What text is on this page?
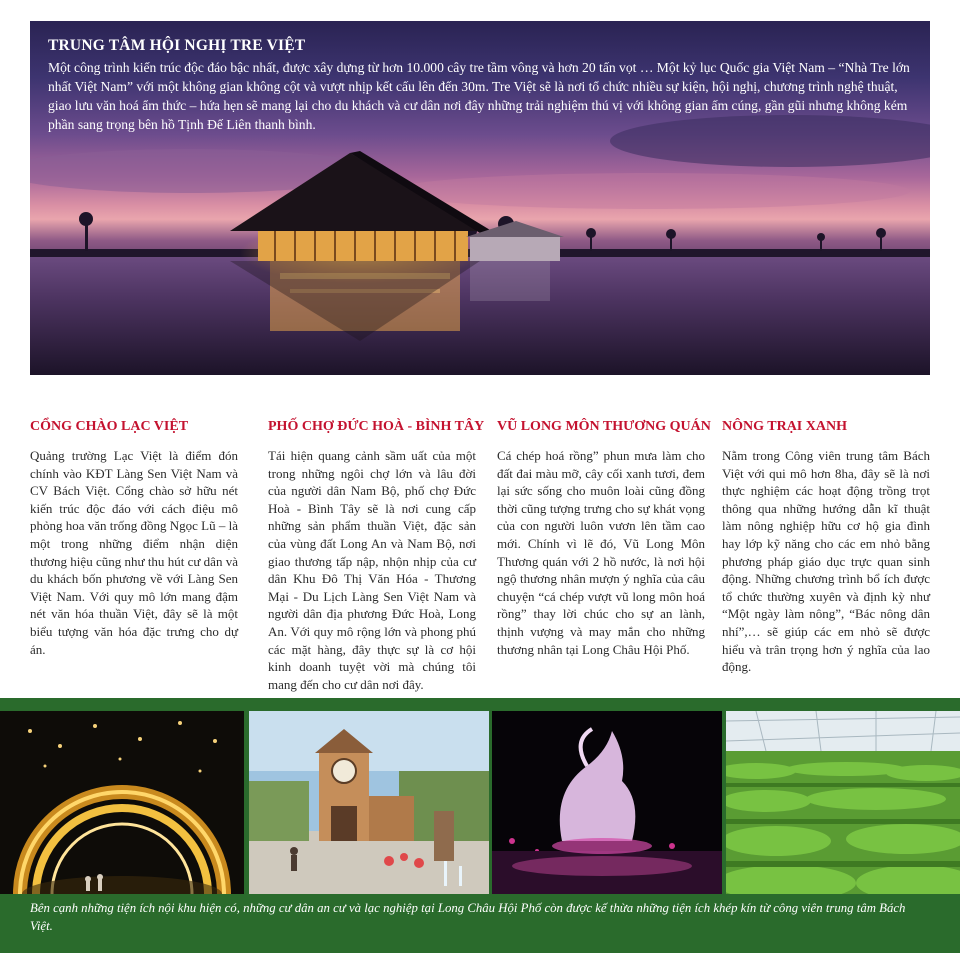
TRUNG TÂM HỘI NGHỊ TRE VIỆT
Một công trình kiến trúc độc đáo bậc nhất, được xây dựng từ hơn 10.000 cây tre tầm vông và hơn 20 tấn vọt … Một kỷ lục Quốc gia Việt Nam – “Nhà Tre lớn nhất Việt Nam” với một không gian không cột và vượt nhịp kết cấu lên đến 30m. Tre Việt sẽ là nơi tổ chức nhiều sự kiện, hội nghị, chương trình nghệ thuật, giao lưu văn hoá ẩm thức – hứa hẹn sẽ mang lại cho du khách và cư dân nơi đây những trải nghiệm thú vị với không gian ấm cúng, gần gũi nhưng không kém phần sang trọng bên hồ Tịnh Đế Liên thanh bình.
CỔNG CHÀO LẠC VIỆT
Quảng trường Lạc Việt là điểm đón chính vào KĐT Làng Sen Việt Nam và CV Bách Việt. Cổng chào sở hữu nét kiến trúc độc đáo với cách điệu mô phỏng hoa văn trống đồng Ngọc Lũ – là một trong những điểm nhận diện thương hiệu cũng như thu hút cư dân và du khách bốn phương về với Làng Sen Việt Nam. Với quy mô lớn mang đậm nét văn hóa thuần Việt, đây sẽ là một biểu tượng văn hóa đặc trưng cho dự án.
PHỐ CHỢ ĐỨC HOÀ - BÌNH TÂY
Tái hiện quang cảnh sầm uất của một trong những ngôi chợ lớn và lâu đời của người dân Nam Bộ, phố chợ Đức Hoà - Bình Tây sẽ là nơi cung cấp những sản phẩm thuần Việt, đặc sản của vùng đất Long An và Nam Bộ, nơi giao thương tấp nập, nhộn nhịp của cư dân Khu Đô Thị Văn Hóa - Thương Mại - Du Lịch Làng Sen Việt Nam và người dân địa phương Đức Hoà, Long An. Với quy mô rộng lớn và phong phú các mặt hàng, đây thực sự là cơ hội kinh doanh tuyệt vời mà chúng tôi mang đến cho cư dân nơi đây.
VŨ LONG MÔN THƯƠNG QUÁN
Cá chép hoá rồng” phun mưa làm cho đất đai màu mỡ, cây cối xanh tươi, đem lại sức sống cho muôn loài cũng đồng thời cũng tượng trưng cho sự khát vọng của con người luôn vươn lên tầm cao mới. Chính vì lẽ đó, Vũ Long Môn Thương quán với 2 hồ nước, là nơi hội ngộ thương nhân mượn ý nghĩa của câu chuyện “cá chép vượt vũ long môn hoá rồng” thay lời chúc cho sự an lành, thịnh vượng và may mắn cho những thương nhân tại Long Châu Hội Phố.
NÔNG TRẠI XANH
Nằm trong Công viên trung tâm Bách Việt với qui mô hơn 8ha, đây sẽ là nơi thực nghiệm các hoạt động trồng trọt thông qua những hướng dẫn kĩ thuật làm nông nghiệp hữu cơ hộ gia đình hay lớp kỹ năng cho các em nhỏ bằng phương pháp giáo dục trực quan sinh động. Những chương trình bổ ích được tổ chức thường xuyên và định kỳ như “Một ngày làm nông”, “Bác nông dân nhí”,… sẽ giúp các em nhỏ sẽ được hiểu và trân trọng hơn ý nghĩa của lao động.
Bên cạnh những tiện ích nội khu hiện có, những cư dân an cư và lạc nghiệp tại Long Châu Hội Phố còn được kế thừa những tiện ích khép kín từ công viên trung tâm Bách Việt.
